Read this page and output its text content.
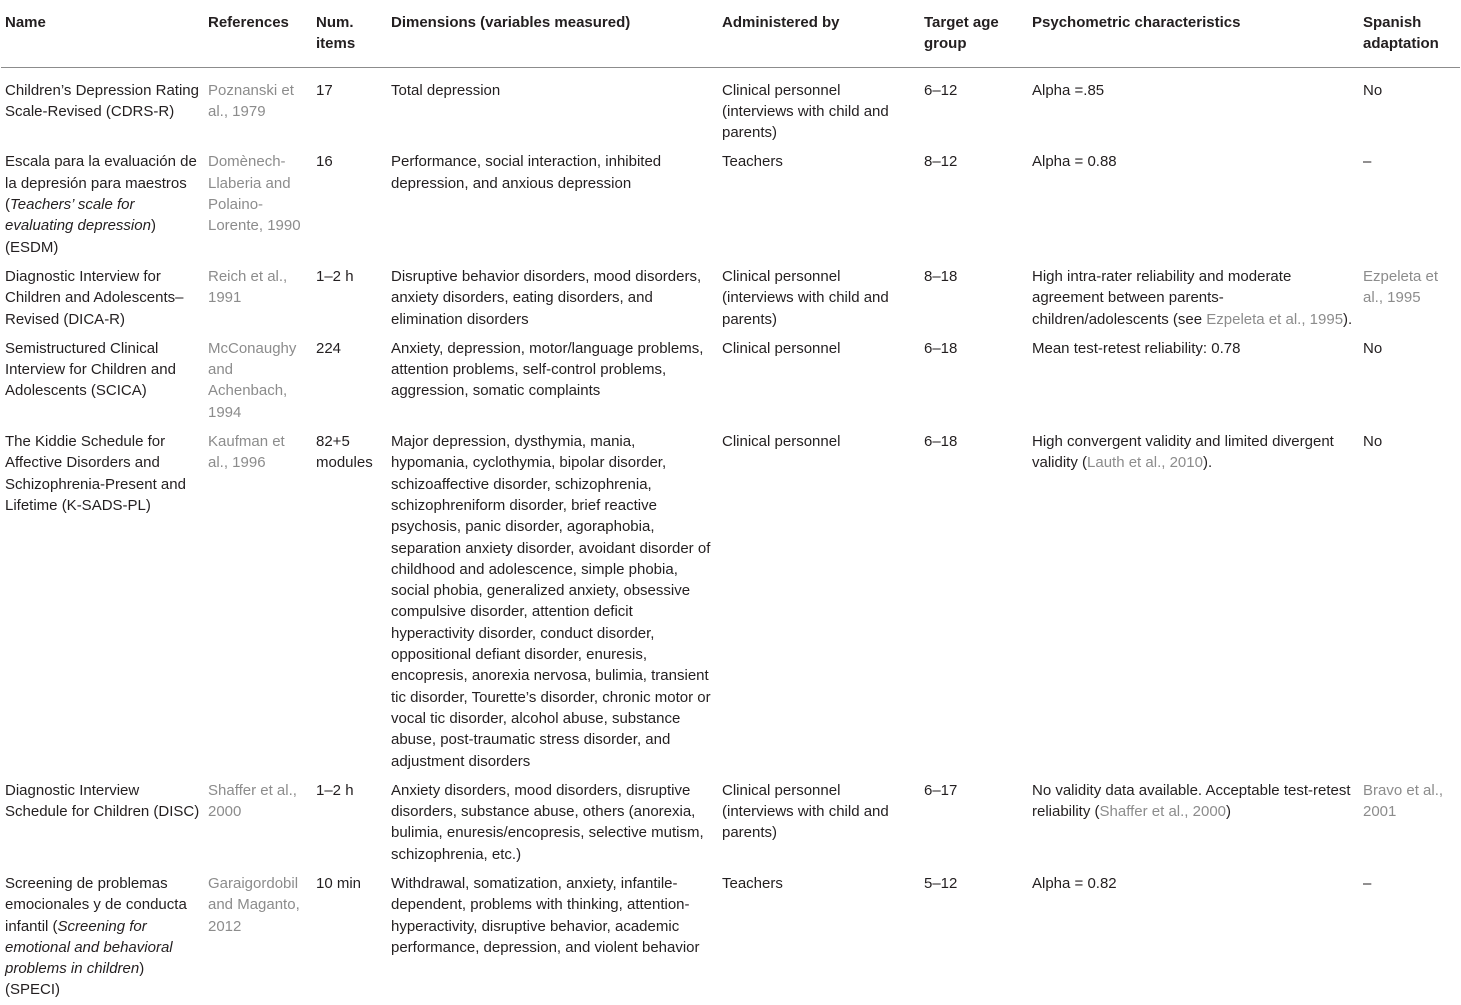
Name	References	Num. items	Dimensions (variables measured)	Administered by	Target age group	Psychometric characteristics	Spanish adaptation
Children’s Depression Rating Scale-Revised (CDRS-R)	Poznanski et al., 1979	17	Total depression	Clinical personnel (interviews with child and parents)	6–12	Alpha =.85	No
Escala para la evaluación de la depresión para maestros (Teachers’ scale for evaluating depression) (ESDM)	Domènech-Llaberia and Polaino-Lorente, 1990	16	Performance, social interaction, inhibited depression, and anxious depression	Teachers	8–12	Alpha = 0.88	–
Diagnostic Interview for Children and Adolescents–Revised (DICA-R)	Reich et al., 1991	1–2 h	Disruptive behavior disorders, mood disorders, anxiety disorders, eating disorders, and elimination disorders	Clinical personnel (interviews with child and parents)	8–18	High intra-rater reliability and moderate agreement between parents-children/adolescents (see Ezpeleta et al., 1995).	Ezpeleta et al., 1995
Semistructured Clinical Interview for Children and Adolescents (SCICA)	McConaughy and Achenbach, 1994	224	Anxiety, depression, motor/language problems, attention problems, self-control problems, aggression, somatic complaints	Clinical personnel	6–18	Mean test-retest reliability: 0.78	No
The Kiddie Schedule for Affective Disorders and Schizophrenia-Present and Lifetime (K-SADS-PL)	Kaufman et al., 1996	82+5 modules	Major depression, dysthymia, mania, hypomania, cyclothymia, bipolar disorder, schizoaffective disorder, schizophrenia, schizophreniform disorder, brief reactive psychosis, panic disorder, agoraphobia, separation anxiety disorder, avoidant disorder of childhood and adolescence, simple phobia, social phobia, generalized anxiety, obsessive compulsive disorder, attention deficit hyperactivity disorder, conduct disorder, oppositional defiant disorder, enuresis, encopresis, anorexia nervosa, bulimia, transient tic disorder, Tourette’s disorder, chronic motor or vocal tic disorder, alcohol abuse, substance abuse, post-traumatic stress disorder, and adjustment disorders	Clinical personnel	6–18	High convergent validity and limited divergent validity (Lauth et al., 2010).	No
Diagnostic Interview Schedule for Children (DISC)	Shaffer et al., 2000	1–2 h	Anxiety disorders, mood disorders, disruptive disorders, substance abuse, others (anorexia, bulimia, enuresis/encopresis, selective mutism, schizophrenia, etc.)	Clinical personnel (interviews with child and parents)	6–17	No validity data available. Acceptable test-retest reliability (Shaffer et al., 2000)	Bravo et al., 2001
Screening de problemas emocionales y de conducta infantil (Screening for emotional and behavioral problems in children) (SPECI)	Garaigordobil and Maganto, 2012	10 min	Withdrawal, somatization, anxiety, infantile-dependent, problems with thinking, attention-hyperactivity, disruptive behavior, academic performance, depression, and violent behavior	Teachers	5–12	Alpha = 0.82	–
